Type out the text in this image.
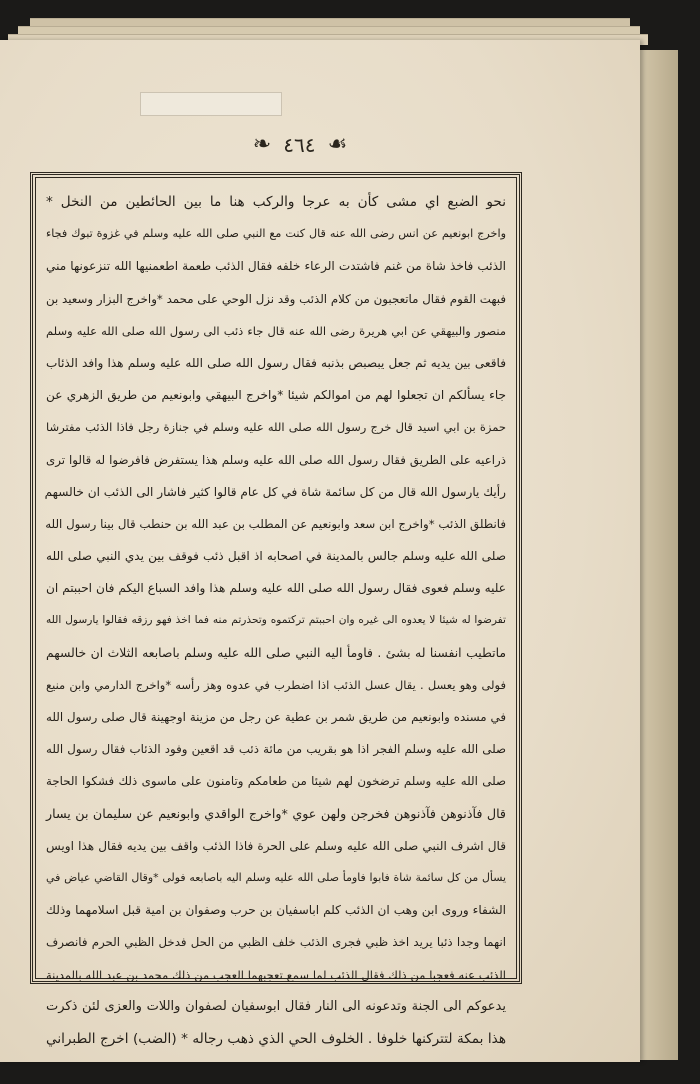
☙ ٤٦٤ ❧
نحو الضبع اي مشى كأن به عرجا والركب هنا ما بين الحائطين من النخل *
واخرج ابونعيم عن انس رضى الله عنه قال كنت مع النبي صلى الله عليه وسلم في غزوة تبوك فجاء
الذئب فاخذ شاة من غنم فاشتدت الرعاء خلفه فقال الذئب طعمة اطعمنيها الله تنزعونها مني
فبهت القوم فقال ماتعجبون من كلام الذئب وقد نزل الوحي على محمد *واخرج البزار وسعيد بن
منصور والبيهقي عن ابي هريرة رضى الله عنه قال جاء ذئب الى رسول الله صلى الله عليه وسلم
فاقعى بين يديه ثم جعل يبصبص بذنبه فقال رسول الله صلى الله عليه وسلم هذا وافد الذئاب
جاء يسألكم ان تجعلوا لهم من اموالكم شيئا *واخرج البيهقي وابونعيم من طريق الزهري عن
حمزة بن ابي اسيد قال خرج رسول الله صلى الله عليه وسلم في جنازة رجل فاذا الذئب مفترشا
ذراعيه على الطريق فقال رسول الله صلى الله عليه وسلم هذا يستفرض فافرضوا له قالوا ترى
رأيك يارسول الله قال من كل سائمة شاة في كل عام قالوا كثير فاشار الى الذئب ان خالسهم
فانطلق الذئب *واخرج ابن سعد وابونعيم عن المطلب بن عبد الله بن حنطب قال بينا رسول الله
صلى الله عليه وسلم جالس بالمدينة في اصحابه اذ اقبل ذئب فوقف بين يدي النبي صلى الله
عليه وسلم فعوى فقال رسول الله صلى الله عليه وسلم هذا وافد السباع اليكم فان احببتم ان
تفرضوا له شيئا لا يعدوه الى غيره وان احببتم تركتموه وتحذرتم منه فما اخذ فهو رزقه فقالوا يارسول الله
ماتطيب انفسنا له بشئ . فاومأ اليه النبي صلى الله عليه وسلم باصابعه الثلاث ان خالسهم
فولى وهو يعسل . يقال عسل الذئب اذا اضطرب في عدوه وهز رأسه *واخرج الدارمي وابن منيع
في مسنده وابونعيم من طريق شمر بن عطية عن رجل من مزينة اوجهينة قال صلى رسول الله
صلى الله عليه وسلم الفجر اذا هو بقريب من مائة ذئب قد اقعين وفود الذئاب فقال رسول الله
صلى الله عليه وسلم ترضخون لهم شيئا من طعامكم وتامنون على ماسوى ذلك فشكوا الحاجة
قال فآذنوهن فآذنوهن فخرجن ولهن عوي *واخرج الواقدي وابونعيم عن سليمان بن يسار
قال اشرف النبي صلى الله عليه وسلم على الحرة فاذا الذئب واقف بين يديه فقال هذا اويس
يسأل من كل سائمة شاة فابوا فاومأ صلى الله عليه وسلم اليه باصابعه فولى *وقال القاضي عياض في
الشفاء وروى ابن وهب ان الذئب كلم اباسفيان بن حرب وصفوان بن امية قبل اسلامهما وذلك
انهما وجدا ذئبا يريد اخذ ظبي فجرى الذئب خلف الظبي من الحل فدخل الظبي الحرم فانصرف
الذئب عنه فعجبا من ذلك فقال الذئب لما سمع تعجبهما العجب من ذلك محمد بن عبد الله بالمدينة
يدعوكم الى الجنة وتدعونه الى النار فقال ابوسفيان لصفوان واللات والعزى لئن ذكرت
هذا بمكة لتتركنها خلوفا . الخلوف الحي الذي ذهب رجاله * (الضب) اخرج الطبراني
